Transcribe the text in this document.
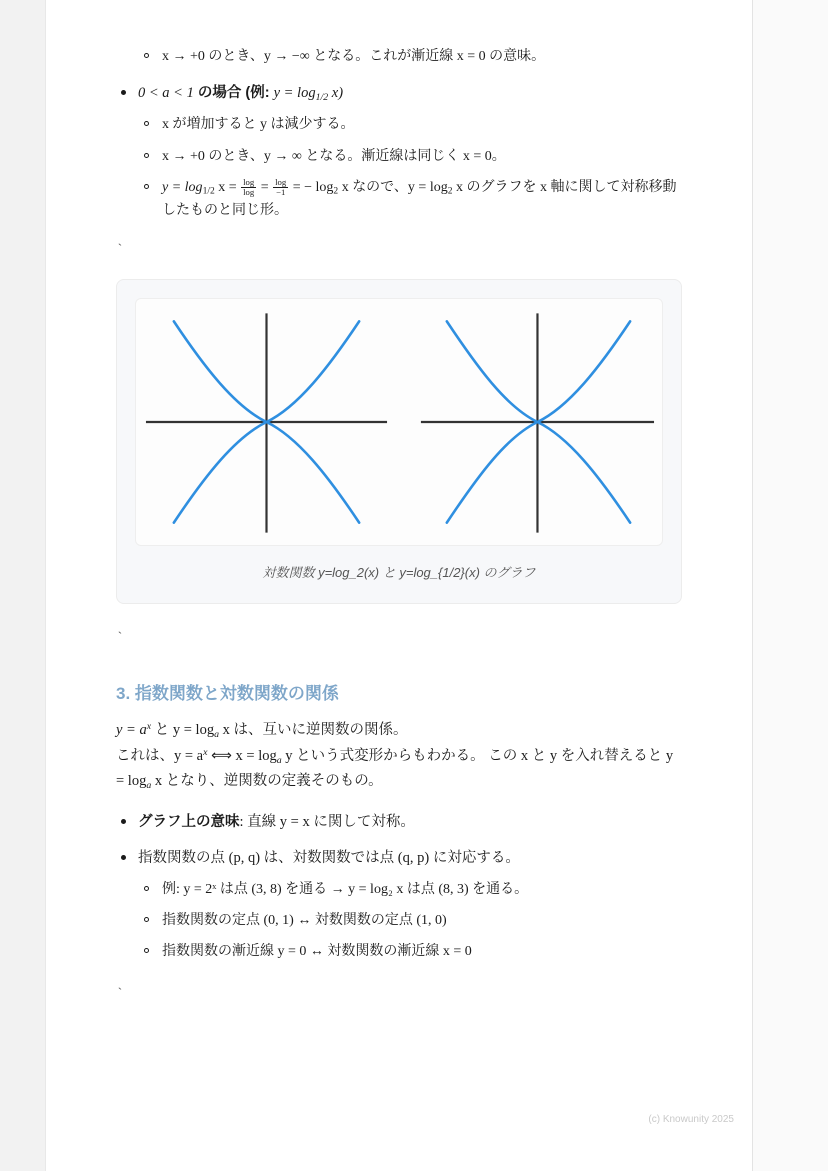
x → +0 のとき、y → −∞ となる。これが漸近線 x = 0 の意味。
0 < a < 1 の場合 (例: $y = \log_{1/2} x$)
x が増加すると y は減少する。
x → +0 のとき、y → ∞ となる。漸近線は同じく x = 0。
$y = \log_{1/2} x = \frac{\log}{\log} = \frac{\log}{-1}$ = − $\log_2 x$ なので、$y = \log_2 x$ のグラフを x 軸に関して対称移動したものと同じ形。
`
対数関数 y=log_2(x) と y=log_{1/2}(x) のグラフ
`
3. 指数関数と対数関数の関係

$y = a^x$ と $y = \log_a x$ は、互いに逆関数の関係。
これは、$y = a^x$ ⟺ $x = \log_a y$ という式変形からもわかる。 この x と y を入れ替えると $y = \log_a x$ となり、逆関数の定義そのもの。

グラフ上の意味: 直線 y = x に関して対称。
指数関数の点 (p, q) は、対数関数では点 (q, p) に対応する。
例: y = 2ˣ は点 (3, 8) を通る → y = log₂ x は点 (8, 3) を通る。
指数関数の定点 (0, 1) ↔ 対数関数の定点 (1, 0)
指数関数の漸近線 y = 0 ↔ 対数関数の漸近線 x = 0
`
(c) Knowunity 2025
